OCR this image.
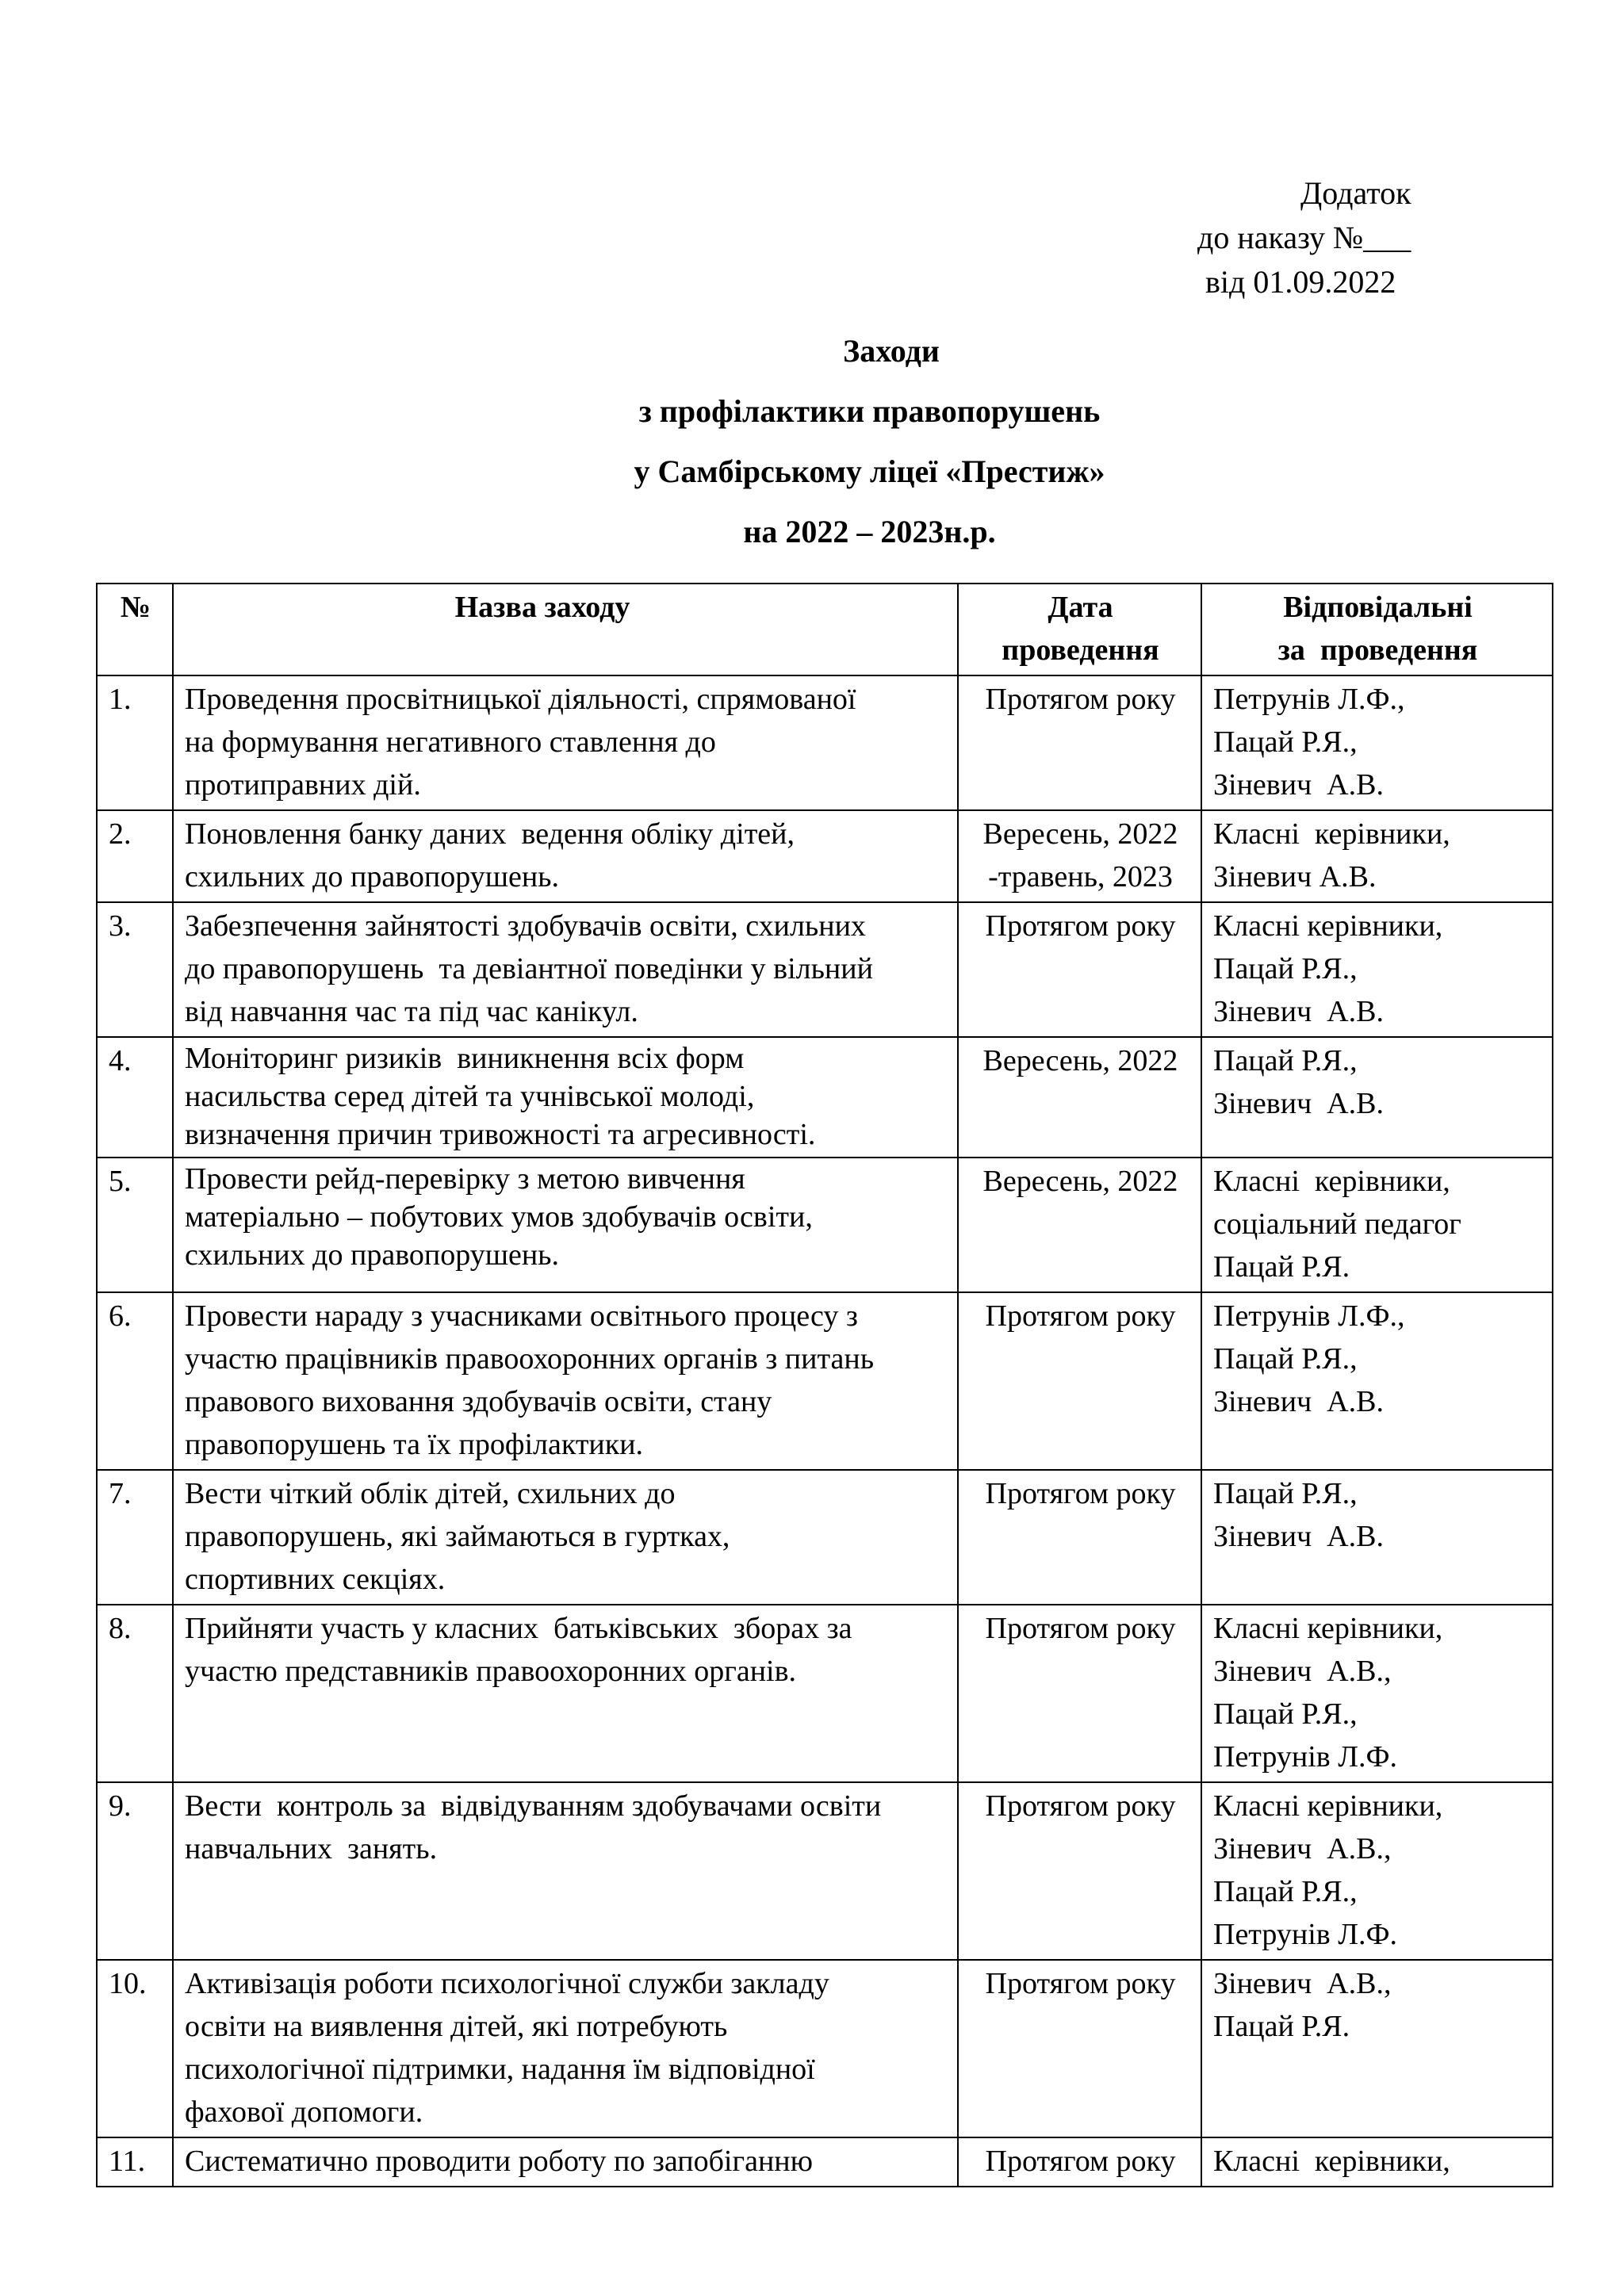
Додаток
до наказу №___
від 01.09.2022
Заходи
з профілактики правопорушень
у Самбірському ліцеї «Престиж»
на 2022 – 2023н.р.
№	Назва заходу	Дата
проведення	Відповідальні
за  проведення

1.	Проведення просвітницької діяльності, спрямованої
на формування негативного ставлення до
протиправних дій.	Протягом року	Петрунів Л.Ф.,
Пацай Р.Я.,
Зіневич  А.В.

2.	Поновлення банку даних  ведення обліку дітей,
схильних до правопорушень.	Вересень, 2022
-травень, 2023	Класні  керівники,
Зіневич А.В.

3.	Забезпечення зайнятості здобувачів освіти, схильних
до правопорушень  та девіантної поведінки у вільний
від навчання час та під час канікул.	Протягом року	Класні керівники,
Пацай Р.Я.,
Зіневич  А.В.

4.	Моніторинг ризиків  виникнення всіх форм
насильства серед дітей та учнівської молоді,
визначення причин тривожності та агресивності.	Вересень, 2022	Пацай Р.Я.,
Зіневич  А.В.

5.	Провести рейд-перевірку з метою вивчення
матеріально – побутових умов здобувачів освіти,
схильних до правопорушень.	Вересень, 2022	Класні  керівники,
соціальний педагог
Пацай Р.Я.

6.	Провести нараду з учасниками освітнього процесу з
участю працівників правоохоронних органів з питань
правового виховання здобувачів освіти, стану
правопорушень та їх профілактики.	Протягом року	Петрунів Л.Ф.,
Пацай Р.Я.,
Зіневич  А.В.

7.	Вести чіткий облік дітей, схильних до
правопорушень, які займаються в гуртках,
спортивних секціях.	Протягом року	Пацай Р.Я.,
Зіневич  А.В.

8.	Прийняти участь у класних  батьківських  зборах за
участю представників правоохоронних органів.	Протягом року	Класні керівники,
Зіневич  А.В.,
Пацай Р.Я.,
Петрунів Л.Ф.

9.	Вести  контроль за  відвідуванням здобувачами освіти
навчальних  занять.	Протягом року	Класні керівники,
Зіневич  А.В.,
Пацай Р.Я.,
Петрунів Л.Ф.

10.	Активізація роботи психологічної служби закладу
освіти на виявлення дітей, які потребують
психологічної підтримки, надання їм відповідної
фахової допомоги.	Протягом року	Зіневич  А.В.,
Пацай Р.Я.

11.	Систематично проводити роботу по запобіганню	Протягом року	Класні  керівники,
